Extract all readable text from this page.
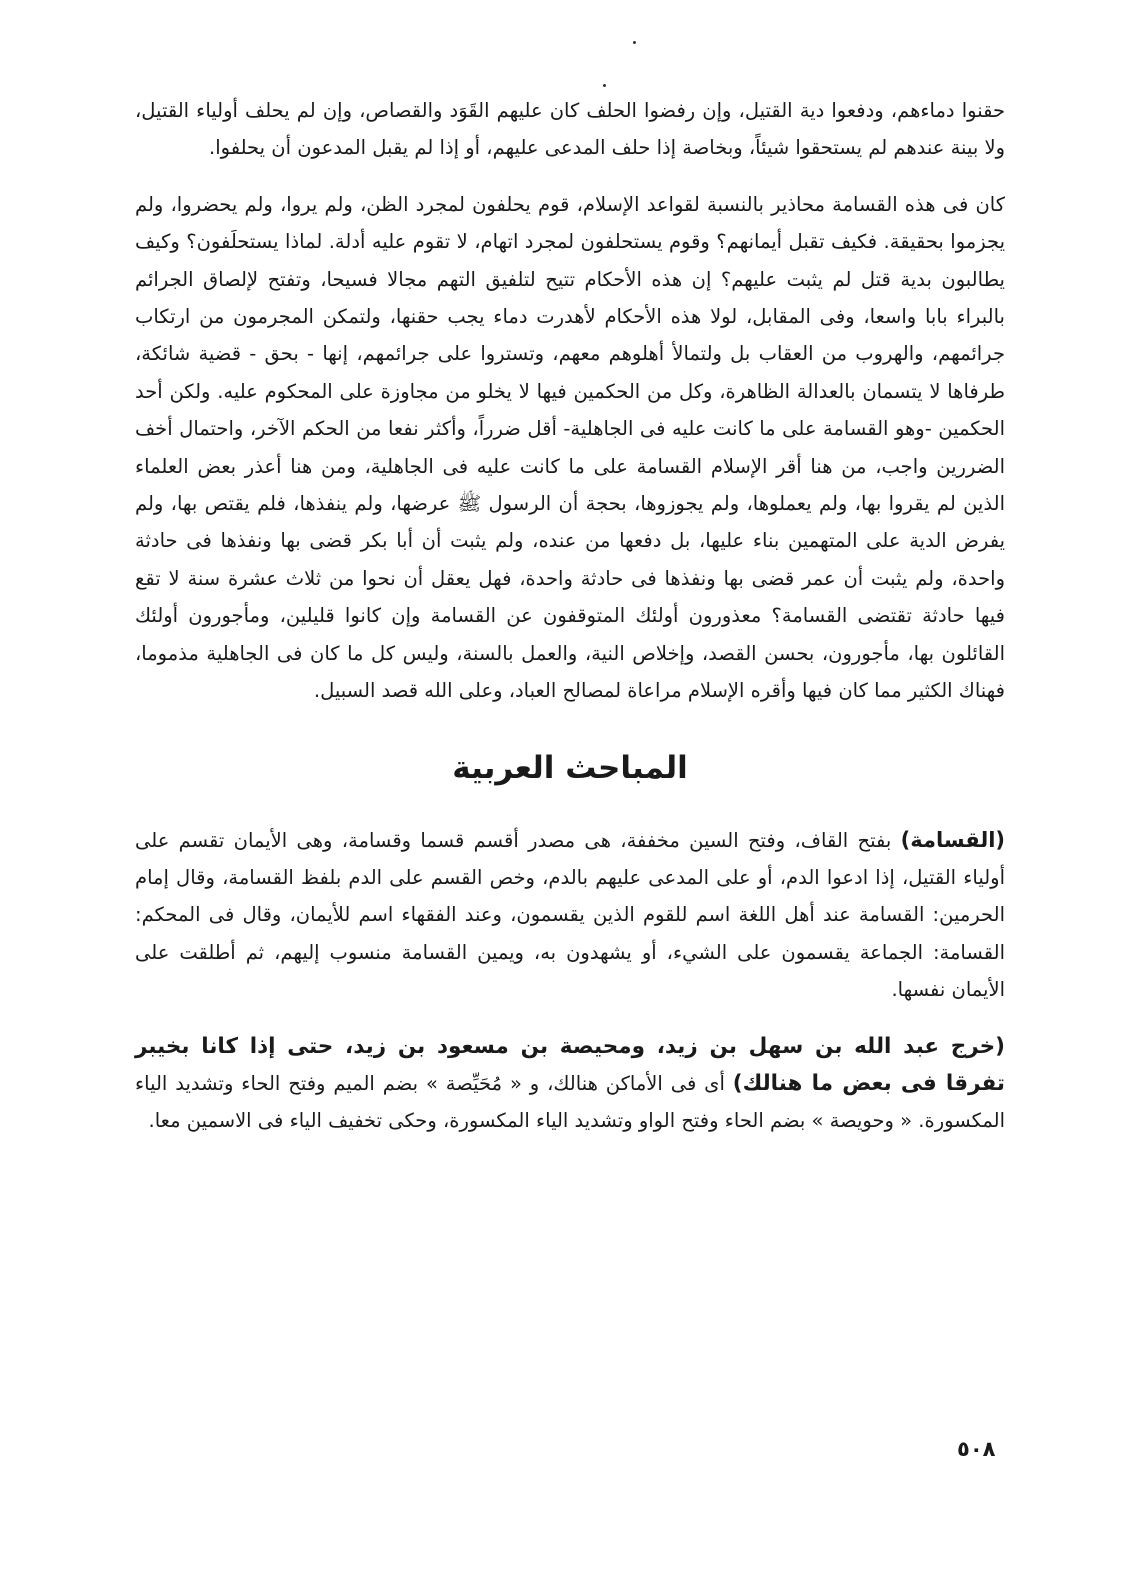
حقنوا دماءهم، ودفعوا دية القتيل، وإن رفضوا الحلف كان عليهم القَوَد والقصاص، وإن لم يحلف أولياء القتيل، ولا بينة عندهم لم يستحقوا شيئاً، وبخاصة إذا حلف المدعى عليهم، أو إذا لم يقبل المدعون أن يحلفوا.

كان فى هذه القسامة محاذير بالنسبة لقواعد الإسلام، قوم يحلفون لمجرد الظن، ولم يروا، ولم يحضروا، ولم يجزموا بحقيقة. فكيف تقبل أيمانهم؟ وقوم يستحلفون لمجرد اتهام، لا تقوم عليه أدلة. لماذا يستحلَفون؟ وكيف يطالبون بدية قتل لم يثبت عليهم؟ إن هذه الأحكام تتيح لتلفيق التهم مجالا فسيحا، وتفتح لإلصاق الجرائم بالبراء بابا واسعا، وفى المقابل، لولا هذه الأحكام لأهدرت دماء يجب حقنها، ولتمكن المجرمون من ارتكاب جرائمهم، والهروب من العقاب بل ولتمالأ أهلوهم معهم، وتستروا على جرائمهم، إنها - بحق - قضية شائكة، طرفاها لا يتسمان بالعدالة الظاهرة، وكل من الحكمين فيها لا يخلو من مجاوزة على المحكوم عليه. ولكن أحد الحكمين -وهو القسامة على ما كانت عليه فى الجاهلية- أقل ضرراً، وأكثر نفعا من الحكم الآخر، واحتمال أخف الضررين واجب، من هنا أقر الإسلام القسامة على ما كانت عليه فى الجاهلية، ومن هنا أعذر بعض العلماء الذين لم يقروا بها، ولم يعملوها، ولم يجوزوها، بحجة أن الرسول ﷺ عرضها، ولم ينفذها، فلم يقتص بها، ولم يفرض الدية على المتهمين بناء عليها، بل دفعها من عنده، ولم يثبت أن أبا بكر قضى بها ونفذها فى حادثة واحدة، ولم يثبت أن عمر قضى بها ونفذها فى حادثة واحدة، فهل يعقل أن نحوا من ثلاث عشرة سنة لا تقع فيها حادثة تقتضى القسامة؟ معذورون أولئك المتوقفون عن القسامة وإن كانوا قليلين، ومأجورون أولئك القائلون بها، مأجورون، بحسن القصد، وإخلاص النية، والعمل بالسنة، وليس كل ما كان فى الجاهلية مذموما، فهناك الكثير مما كان فيها وأقره الإسلام مراعاة لمصالح العباد، وعلى الله قصد السبيل.

المباحث العربية

(القسامة) بفتح القاف، وفتح السين مخففة، هى مصدر أقسم قسما وقسامة، وهى الأيمان تقسم على أولياء القتيل، إذا ادعوا الدم، أو على المدعى عليهم بالدم، وخص القسم على الدم بلفظ القسامة، وقال إمام الحرمين: القسامة عند أهل اللغة اسم للقوم الذين يقسمون، وعند الفقهاء اسم للأيمان، وقال فى المحكم: القسامة: الجماعة يقسمون على الشيء، أو يشهدون به، ويمين القسامة منسوب إليهم، ثم أطلقت على الأيمان نفسها.

(خرج عبد الله بن سهل بن زيد، ومحيصة بن مسعود بن زيد، حتى إذا كانا بخيبر تفرقا فى بعض ما هنالك) أى فى الأماكن هنالك، و « مُحَيِّصة » بضم الميم وفتح الحاء وتشديد الياء المكسورة. « وحويصة » بضم الحاء وفتح الواو وتشديد الياء المكسورة، وحكى تخفيف الياء فى الاسمين معا.

٥٠٨
